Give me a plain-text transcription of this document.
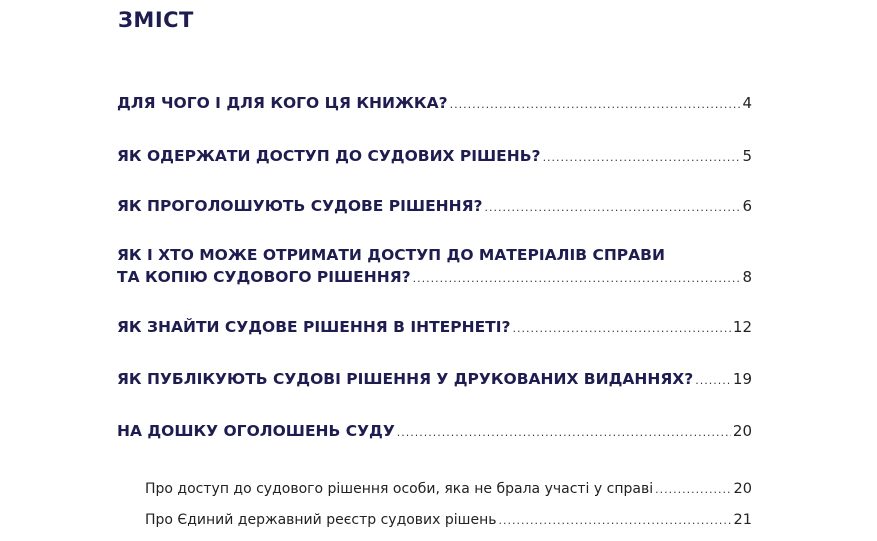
ЗМІСТ
ДЛЯ ЧОГО І ДЛЯ КОГО ЦЯ КНИЖКА? .....	4
ЯК ОДЕРЖАТИ ДОСТУП ДО СУДОВИХ РІШЕНЬ? .....	5
ЯК ПРОГОЛОШУЮТЬ СУДОВЕ РІШЕННЯ? .....	6
ЯК І ХТО МОЖЕ ОТРИМАТИ ДОСТУП ДО МАТЕРІАЛІВ СПРАВИ
ТА КОПІЮ СУДОВОГО РІШЕННЯ? .....	8
ЯК ЗНАЙТИ СУДОВЕ РІШЕННЯ В ІНТЕРНЕТІ? .....	12
ЯК ПУБЛІКУЮТЬ СУДОВІ РІШЕННЯ У ДРУКОВАНИХ ВИДАННЯХ? .....	19
НА ДОШКУ ОГОЛОШЕНЬ СУДУ .....	20
Про доступ до судового рішення особи, яка не брала участі у справі .....	20
Про Єдиний державний реєстр судових рішень .....	21
